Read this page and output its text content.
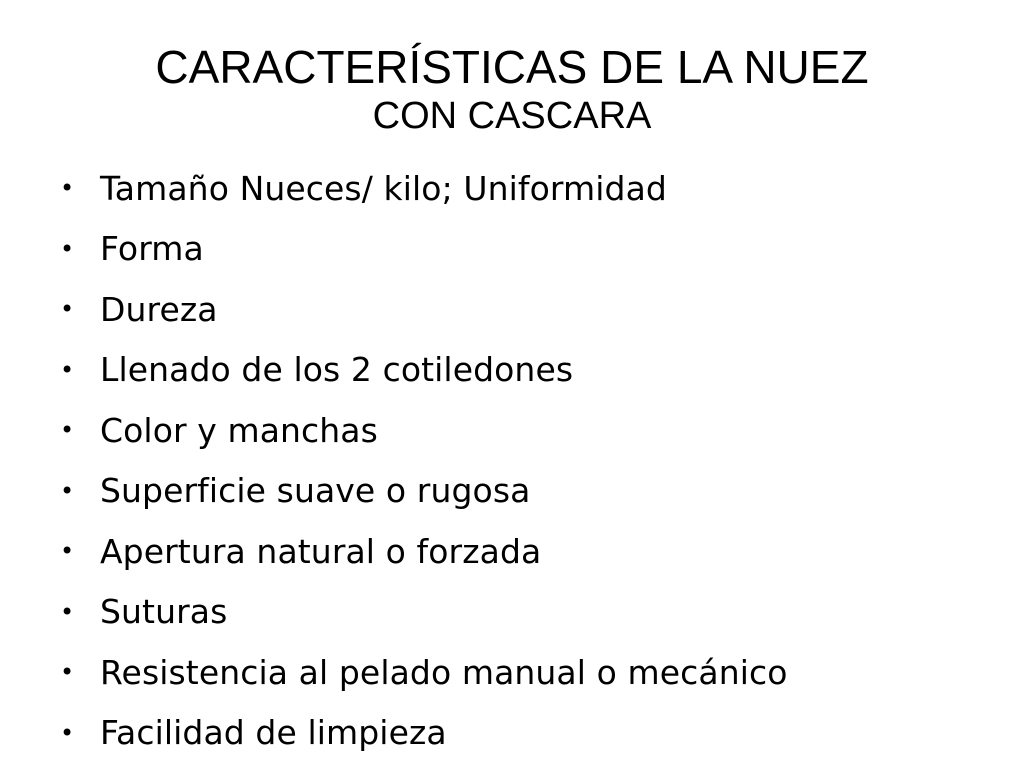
CARACTERÍSTICAS DE LA NUEZ
CON CASCARA
• Tamaño Nueces/ kilo; Uniformidad
• Forma
• Dureza
• Llenado de los 2 cotiledones
• Color y manchas
• Superficie suave o rugosa
• Apertura natural o forzada
• Suturas
• Resistencia al pelado manual o mecánico
• Facilidad de limpieza
